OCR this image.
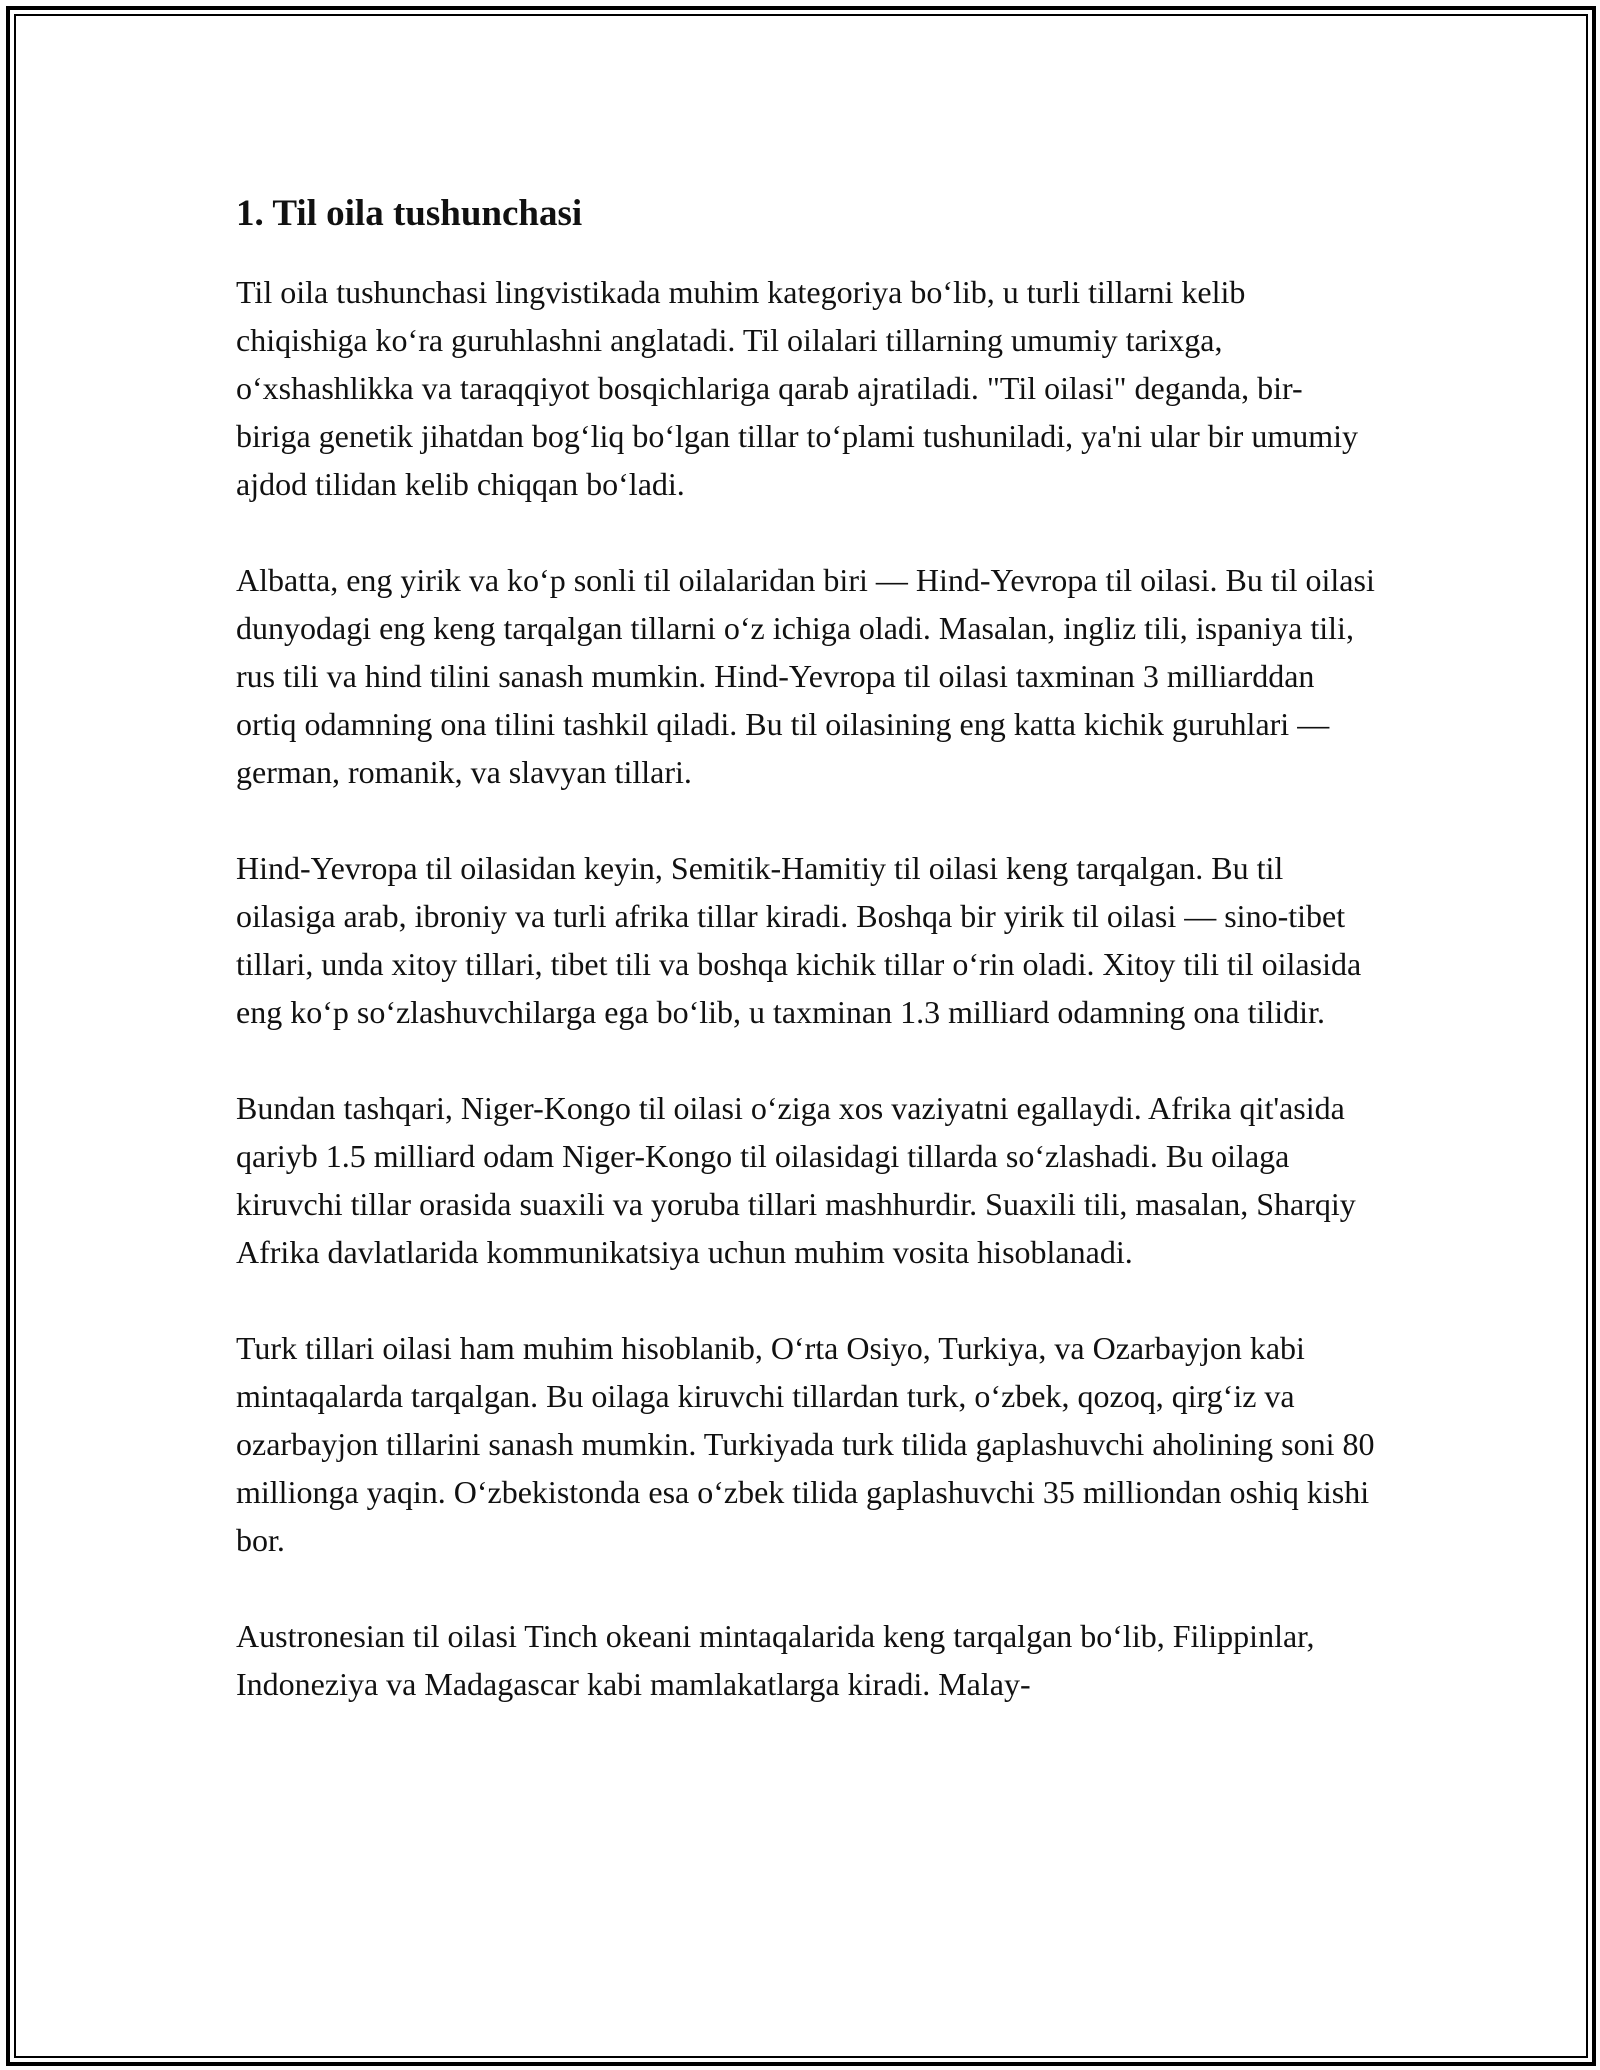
1. Til oila tushunchasi

Til oila tushunchasi lingvistikada muhim kategoriya bo‘lib, u turli tillarni kelib chiqishiga ko‘ra guruhlashni anglatadi. Til oilalari tillarning umumiy tarixga, o‘xshashlikka va taraqqiyot bosqichlariga qarab ajratiladi. "Til oilasi" deganda, bir-biriga genetik jihatdan bog‘liq bo‘lgan tillar to‘plami tushuniladi, ya'ni ular bir umumiy ajdod tilidan kelib chiqqan bo‘ladi.

Albatta, eng yirik va ko‘p sonli til oilalaridan biri — Hind-Yevropa til oilasi. Bu til oilasi dunyodagi eng keng tarqalgan tillarni o‘z ichiga oladi. Masalan, ingliz tili, ispaniya tili, rus tili va hind tilini sanash mumkin. Hind-Yevropa til oilasi taxminan 3 milliarddan ortiq odamning ona tilini tashkil qiladi. Bu til oilasining eng katta kichik guruhlari — german, romanik, va slavyan tillari.

Hind-Yevropa til oilasidan keyin, Semitik-Hamitiy til oilasi keng tarqalgan. Bu til oilasiga arab, ibroniy va turli afrika tillar kiradi. Boshqa bir yirik til oilasi — sino-tibet tillari, unda xitoy tillari, tibet tili va boshqa kichik tillar o‘rin oladi. Xitoy tili til oilasida eng ko‘p so‘zlashuvchilarga ega bo‘lib, u taxminan 1.3 milliard odamning ona tilidir.

Bundan tashqari, Niger-Kongo til oilasi o‘ziga xos vaziyatni egallaydi. Afrika qit'asida qariyb 1.5 milliard odam Niger-Kongo til oilasidagi tillarda so‘zlashadi. Bu oilaga kiruvchi tillar orasida suaxili va yoruba tillari mashhurdir. Suaxili tili, masalan, Sharqiy Afrika davlatlarida kommunikatsiya uchun muhim vosita hisoblanadi.

Turk tillari oilasi ham muhim hisoblanib, O‘rta Osiyo, Turkiya, va Ozarbayjon kabi mintaqalarda tarqalgan. Bu oilaga kiruvchi tillardan turk, o‘zbek, qozoq, qirg‘iz va ozarbayjon tillarini sanash mumkin. Turkiyada turk tilida gaplashuvchi aholining soni 80 millionga yaqin. O‘zbekistonda esa o‘zbek tilida gaplashuvchi 35 milliondan oshiq kishi bor.

Austronesian til oilasi Tinch okeani mintaqalarida keng tarqalgan bo‘lib, Filippinlar, Indoneziya va Madagascar kabi mamlakatlarga kiradi. Malay-
